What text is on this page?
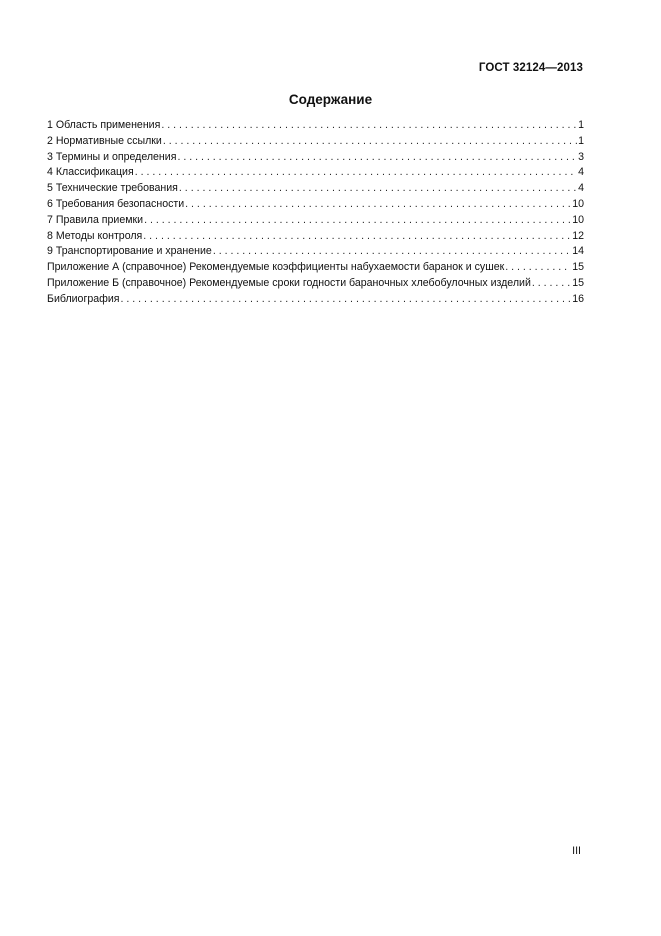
ГОСТ 32124—2013
Содержание
1 Область применения . . .	1
2 Нормативные ссылки . . .	1
3 Термины и определения . . .	3
4 Классификация . . .	4
5 Технические требования . . .	4
6 Требования безопасности . . .	10
7 Правила приемки . . .	10
8 Методы контроля . . .	12
9 Транспортирование и хранение . . .	14
Приложение А (справочное) Рекомендуемые коэффициенты набухаемости баранок и сушек . . .	15
Приложение Б (справочное) Рекомендуемые сроки годности бараночных хлебобулочных изделий . . .	15
Библиография . . .	16
III
